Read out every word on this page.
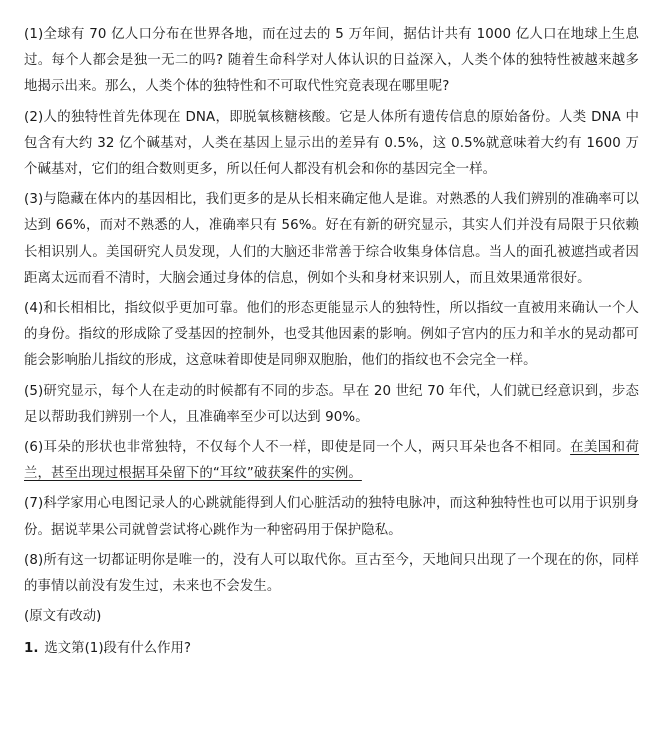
(1)全球有 70 亿人口分布在世界各地，而在过去的 5 万年间，据估计共有 1000 亿人口在地球上生息过。每个人都会是独一无二的吗? 随着生命科学对人体认识的日益深入，人类个体的独特性被越来越多地揭示出来。那么，人类个体的独特性和不可取代性究竟表现在哪里呢?

(2)人的独特性首先体现在 DNA，即脱氧核糖核酸。它是人体所有遗传信息的原始备份。人类 DNA 中包含有大约 32 亿个碱基对，人类在基因上显示出的差异有 0.5%，这 0.5%就意味着大约有 1600 万个碱基对，它们的组合数则更多，所以任何人都没有机会和你的基因完全一样。

(3)与隐藏在体内的基因相比，我们更多的是从长相来确定他人是谁。对熟悉的人我们辨别的准确率可以达到 66%，而对不熟悉的人，准确率只有 56%。好在有新的研究显示，其实人们并没有局限于只依赖长相识别人。美国研究人员发现，人们的大脑还非常善于综合收集身体信息。当人的面孔被遮挡或者因距离太远而看不清时，大脑会通过身体的信息，例如个头和身材来识别人，而且效果通常很好。

(4)和长相相比，指纹似乎更加可靠。他们的形态更能显示人的独特性，所以指纹一直被用来确认一个人的身份。指纹的形成除了受基因的控制外，也受其他因素的影响。例如子宫内的压力和羊水的晃动都可能会影响胎儿指纹的形成，这意味着即使是同卵双胞胎，他们的指纹也不会完全一样。

(5)研究显示，每个人在走动的时候都有不同的步态。早在 20 世纪 70 年代，人们就已经意识到，步态足以帮助我们辨别一个人，且准确率至少可以达到 90%。

(6)耳朵的形状也非常独特，不仅每个人不一样，即使是同一个人，两只耳朵也各不相同。在美国和荷兰，甚至出现过根据耳朵留下的“耳纹”破获案件的实例。

(7)科学家用心电图记录人的心跳就能得到人们心脏活动的独特电脉冲，而这种独特性也可以用于识别身份。据说苹果公司就曾尝试将心跳作为一种密码用于保护隐私。

(8)所有这一切都证明你是唯一的，没有人可以取代你。亘古至今，天地间只出现了一个现在的你，同样的事情以前没有发生过，未来也不会发生。

(原文有改动)

1. 选文第(1)段有什么作用?
